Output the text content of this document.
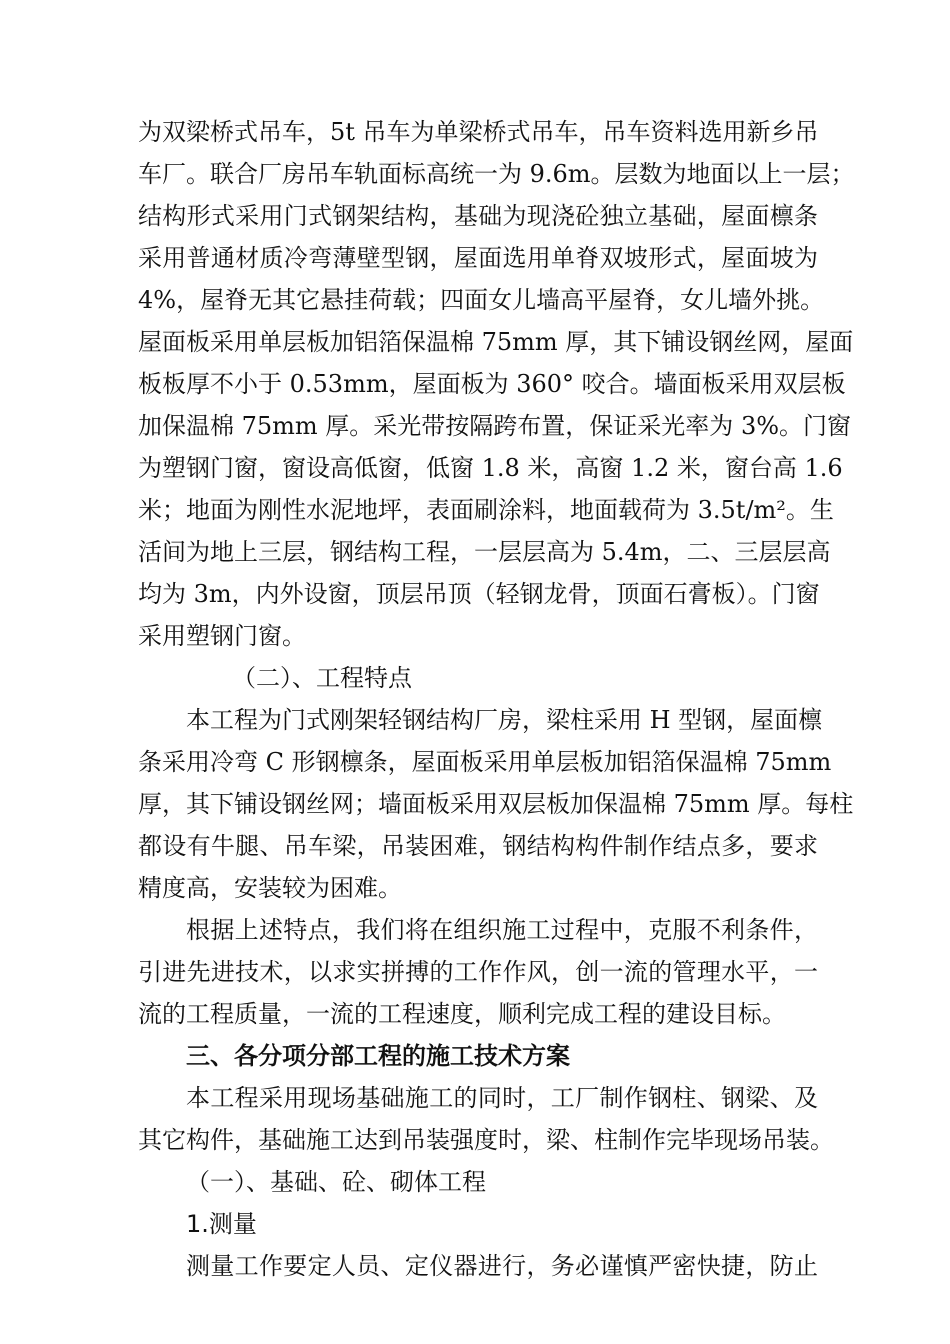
为双梁桥式吊车，5t 吊车为单梁桥式吊车，吊车资料选用新乡吊
车厂。联合厂房吊车轨面标高统一为 9.6m。层数为地面以上一层；
结构形式采用门式钢架结构，基础为现浇砼独立基础，屋面檩条
采用普通材质冷弯薄壁型钢，屋面选用单脊双坡形式，屋面坡为
4%，屋脊无其它悬挂荷载；四面女儿墙高平屋脊，女儿墙外挑。
屋面板采用单层板加铝箔保温棉 75mm 厚，其下铺设钢丝网，屋面
板板厚不小于 0.53mm，屋面板为 360° 咬合。墙面板采用双层板
加保温棉 75mm 厚。采光带按隔跨布置，保证采光率为 3%。门窗
为塑钢门窗，窗设高低窗，低窗 1.8 米，高窗 1.2 米，窗台高 1.6
米；地面为刚性水泥地坪，表面刷涂料，地面载荷为 3.5t/m²。生
活间为地上三层，钢结构工程，一层层高为 5.4m，二、三层层高
均为 3m，内外设窗，顶层吊顶（轻钢龙骨，顶面石膏板）。门窗
采用塑钢门窗。
（二）、工程特点
本工程为门式刚架轻钢结构厂房，梁柱采用 H 型钢，屋面檩
条采用冷弯 C 形钢檩条，屋面板采用单层板加铝箔保温棉 75mm
厚，其下铺设钢丝网；墙面板采用双层板加保温棉 75mm 厚。每柱
都设有牛腿、吊车梁，吊装困难，钢结构构件制作结点多，要求
精度高，安装较为困难。
根据上述特点，我们将在组织施工过程中，克服不利条件，
引进先进技术，以求实拼搏的工作作风，创一流的管理水平，一
流的工程质量，一流的工程速度，顺利完成工程的建设目标。
三、各分项分部工程的施工技术方案
本工程采用现场基础施工的同时，工厂制作钢柱、钢梁、及
其它构件，基础施工达到吊装强度时，梁、柱制作完毕现场吊装。
（一）、基础、砼、砌体工程
1.测量
测量工作要定人员、定仪器进行，务必谨慎严密快捷，防止
